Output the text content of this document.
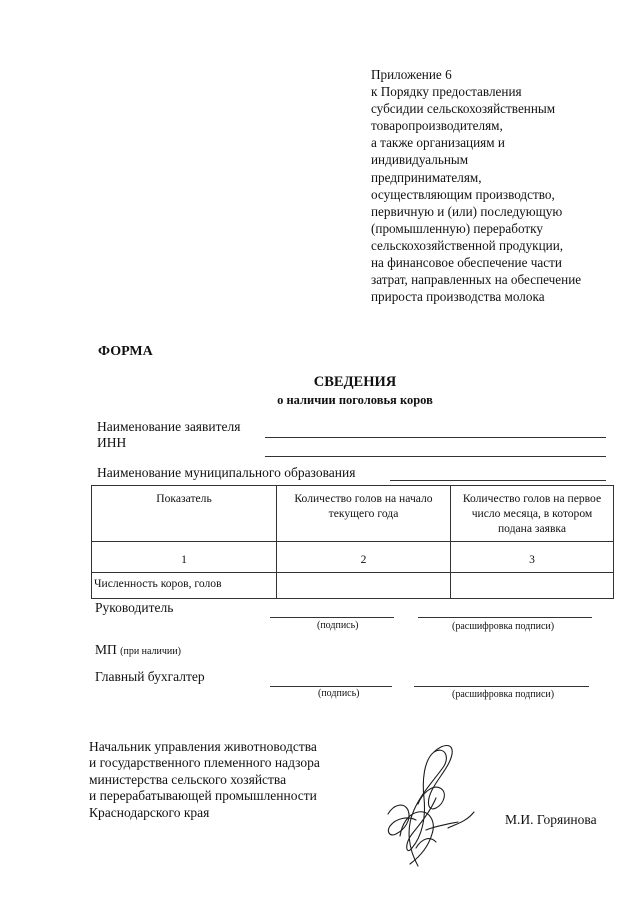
Приложение 6
к Порядку предоставления
субсидии сельскохозяйственным
товаропроизводителям,
а также организациям и
индивидуальным
предпринимателям,
осуществляющим производство,
первичную и (или) последующую
(промышленную) переработку
сельскохозяйственной продукции,
на финансовое обеспечение части
затрат, направленных на обеспечение
прироста производства молока
ФОРМА
СВЕДЕНИЯ
о наличии поголовья коров
Наименование заявителя
ИНН
Наименование муниципального образования
Показатель	Количество голов на начало текущего года	Количество голов на первое число месяца, в котором подана заявка
1	2	3
Численность коров, голов		
Руководитель
(подпись)	(расшифровка подписи)
МП (при наличии)
Главный бухгалтер
(подпись)	(расшифровка подписи)
Начальник управления животноводства
и государственного племенного надзора
министерства сельского хозяйства
и перерабатывающей промышленности
Краснодарского края	М.И. Горяинова
